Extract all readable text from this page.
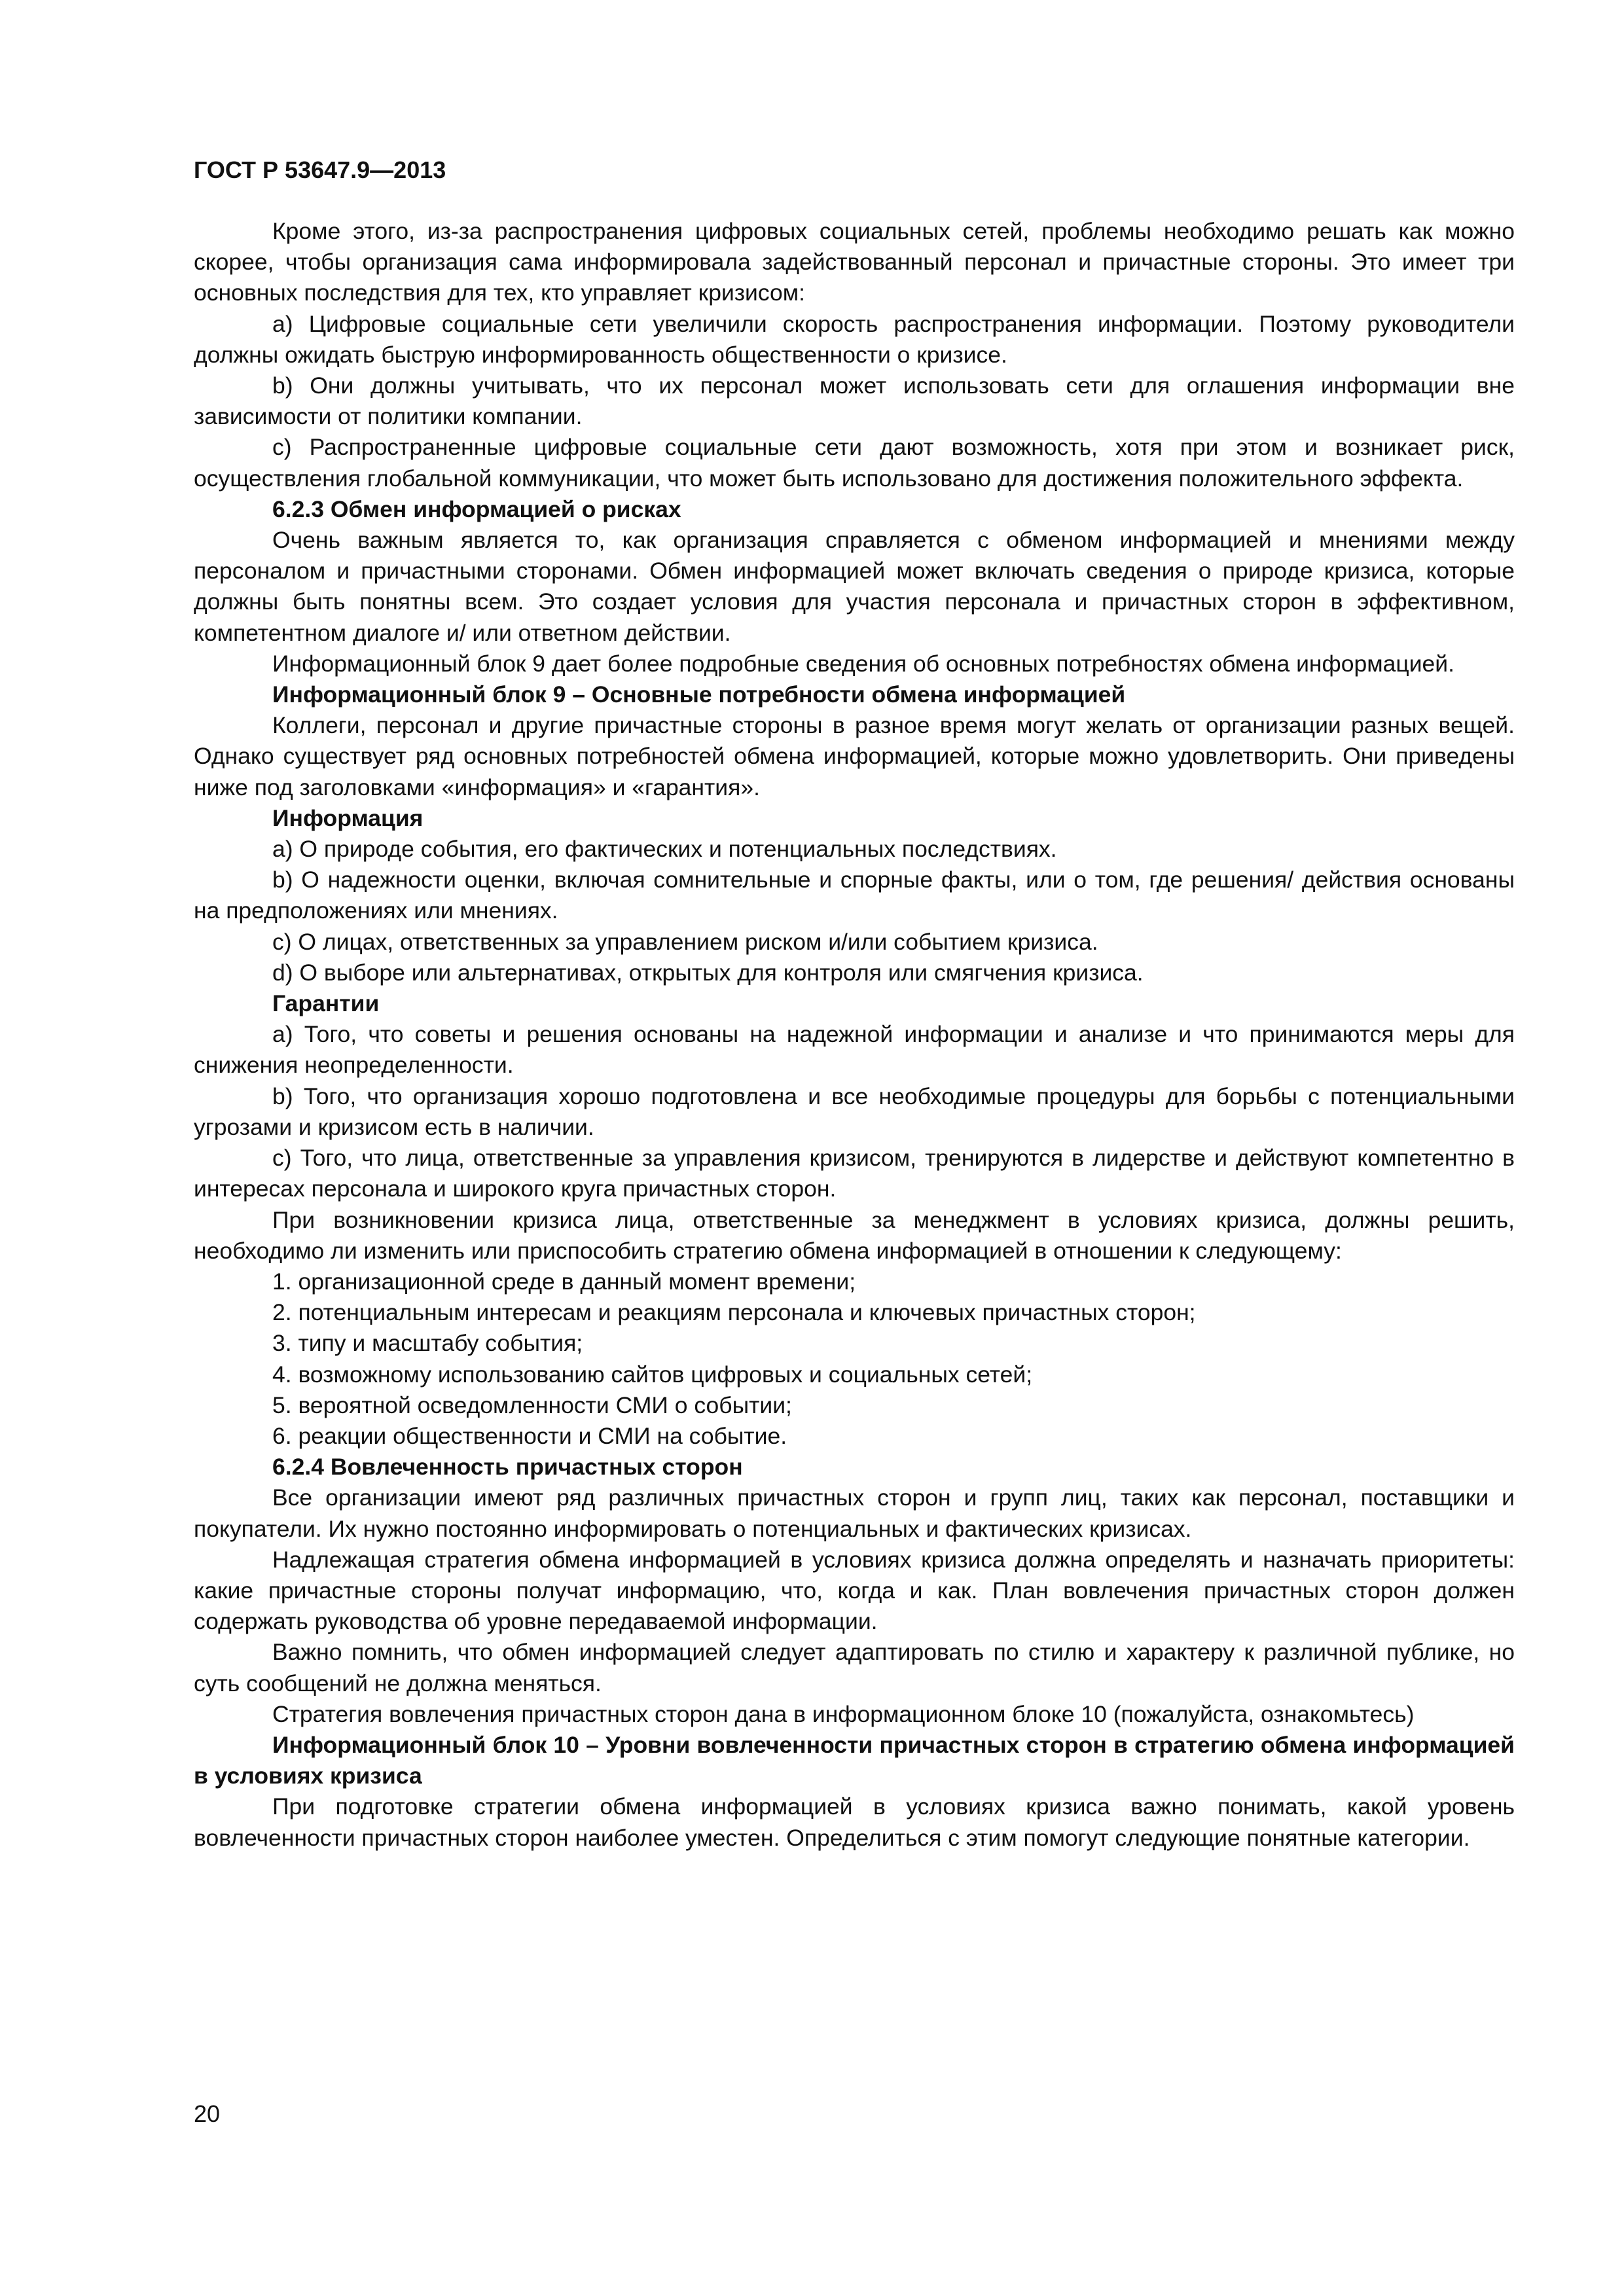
ГОСТ Р 53647.9—2013

Кроме этого, из-за распространения цифровых социальных сетей, проблемы необходимо решать как можно скорее, чтобы организация сама информировала задействованный персонал и причастные стороны. Это имеет три основных последствия для тех, кто управляет кризисом:

a) Цифровые социальные сети увеличили скорость распространения информации. Поэтому руководители должны ожидать быструю информированность общественности о кризисе.

b) Они должны учитывать, что их персонал может использовать сети для оглашения информации вне зависимости от политики компании.

c) Распространенные цифровые социальные сети дают возможность, хотя при этом и возникает риск, осуществления глобальной коммуникации, что может быть использовано для достижения положительного эффекта.

6.2.3 Обмен информацией о рисках

Очень важным является то, как организация справляется с обменом информацией и мнениями между персоналом и причастными сторонами. Обмен информацией может включать сведения о природе кризиса, которые должны быть понятны всем. Это создает условия для участия персонала и причастных сторон в эффективном, компетентном диалоге и/ или ответном действии.

Информационный блок 9 дает более подробные сведения об основных потребностях обмена информацией.

Информационный блок 9 – Основные потребности обмена информацией

Коллеги, персонал и другие причастные стороны в разное время могут желать от организации разных вещей. Однако существует ряд основных потребностей обмена информацией, которые можно удовлетворить. Они приведены ниже под заголовками «информация» и «гарантия».

Информация

a) О природе события, его фактических и потенциальных последствиях.

b) О надежности оценки, включая сомнительные и спорные факты, или о том, где решения/ действия основаны на предположениях или мнениях.

c) О лицах, ответственных за управлением риском и/или событием кризиса.

d) О выборе или альтернативах, открытых для контроля или смягчения кризиса.

Гарантии

a) Того, что советы и решения основаны на надежной информации и анализе и что принимаются меры для снижения неопределенности.

b) Того, что организация хорошо подготовлена и все необходимые процедуры для борьбы с потенциальными угрозами и кризисом есть в наличии.

c) Того, что лица, ответственные за управления кризисом, тренируются в лидерстве и действуют компетентно в интересах персонала и широкого круга причастных сторон.

При возникновении кризиса лица, ответственные за менеджмент в условиях кризиса, должны решить, необходимо ли изменить или приспособить стратегию обмена информацией в отношении к следующему:

1. организационной среде в данный момент времени;

2. потенциальным интересам и реакциям персонала и ключевых причастных сторон;

3. типу и масштабу события;

4. возможному использованию сайтов цифровых и социальных сетей;

5. вероятной осведомленности СМИ о событии;

6. реакции общественности и СМИ на событие.

6.2.4 Вовлеченность причастных сторон

Все организации имеют ряд различных причастных сторон и групп лиц, таких как персонал, поставщики и покупатели. Их нужно постоянно информировать о потенциальных и фактических кризисах.

Надлежащая стратегия обмена информацией в условиях кризиса должна определять и назначать приоритеты: какие причастные стороны получат информацию, что, когда и как. План вовлечения причастных сторон должен содержать руководства об уровне передаваемой информации.

Важно помнить, что обмен информацией следует адаптировать по стилю и характеру к различной публике, но суть сообщений не должна меняться.

Стратегия вовлечения причастных сторон дана в информационном блоке 10 (пожалуйста, ознакомьтесь)

Информационный блок 10 – Уровни вовлеченности причастных сторон в стратегию обмена информацией в условиях кризиса

При подготовке стратегии обмена информацией в условиях кризиса важно понимать, какой уровень вовлеченности причастных сторон наиболее уместен. Определиться с этим помогут следующие понятные категории.

20
